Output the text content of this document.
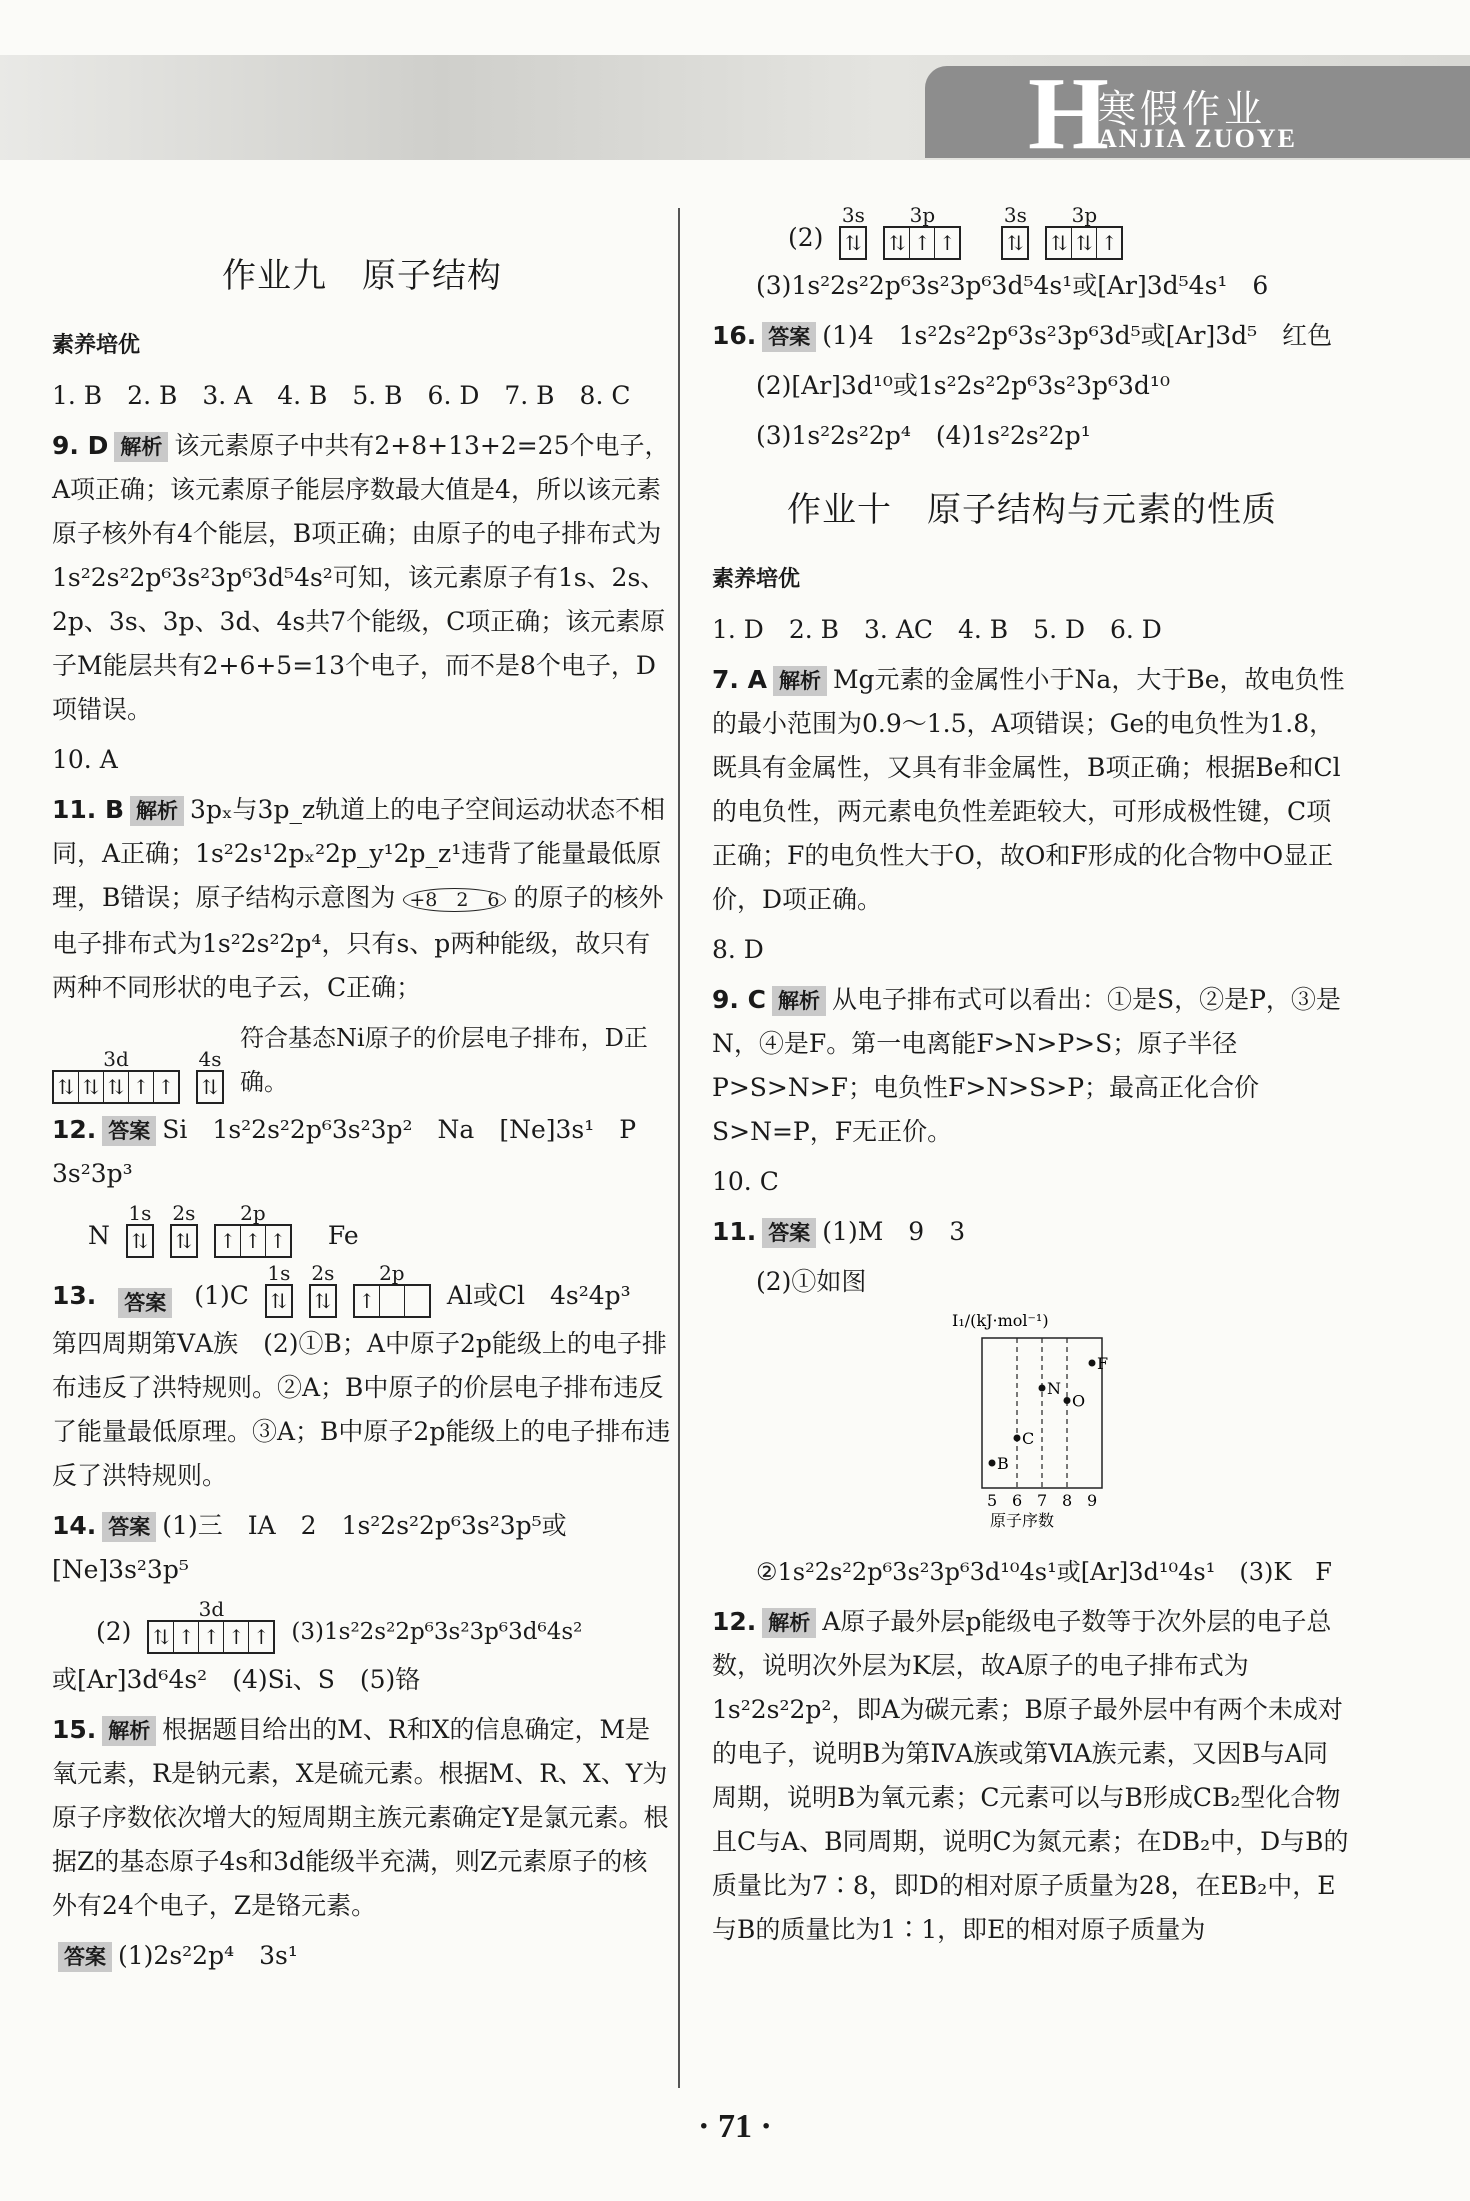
H
寒假作业
ANJIA ZUOYE
作业九　原子结构
素养培优

1. B　2. B　3. A　4. B　5. B　6. D　7. B　8. C

9. D 解析 该元素原子中共有2+8+13+2=25个电子，A项正确；该元素原子能层序数最大值是4，所以该元素原子核外有4个能层，B项正确；由原子的电子排布式为1s²2s²2p⁶3s²3p⁶3d⁵4s²可知，该元素原子有1s、2s、2p、3s、3p、3d、4s共7个能级，C项正确；该元素原子M能层共有2+6+5=13个电子，而不是8个电子，D项错误。

10. A

11. B 解析 3pₓ与3p_z轨道上的电子空间运动状态不相同，A正确；1s²2s¹2pₓ²2p_y¹2p_z¹违背了能量最低原理，B错误；原子结构示意图为 +8　2　6 的原子的核外电子排布式为1s²2s²2p⁴，只有s、p两种能级，故只有两种不同形状的电子云，C正确；

3d
⇅ ⇅ ⇅ ↑ ↑
4s
⇅
符合基态Ni原子的价层电子排布，D正确。

12. 答案 Si　1s²2s²2p⁶3s²3p²　Na　[Ne]3s¹　P　3s²3p³

N
1s
⇅
2s
⇅
2p
↑ ↑ ↑ Fe
13. 答案 (1)C
1s
⇅
2s
⇅
2p
↑	Al或Cl　4s²4p³

第四周期第ⅤA族　(2)①B；A中原子2p能级上的电子排布违反了洪特规则。②A；B中原子的价层电子排布违反了能量最低原理。③A；B中原子2p能级上的电子排布违反了洪特规则。

14. 答案 (1)三　ⅠA　2　1s²2s²2p⁶3s²3p⁵或[Ne]3s²3p⁵

(2)
3d
⇅ ↑ ↑ ↑ ↑ (3)1s²2s²2p⁶3s²3p⁶3d⁶4s²

或[Ar]3d⁶4s²　(4)Si、S　(5)铬

15. 解析 根据题目给出的M、R和X的信息确定，M是氧元素，R是钠元素，X是硫元素。根据M、R、X、Y为原子序数依次增大的短周期主族元素确定Y是氯元素。根据Z的基态原子4s和3d能级半充满，则Z元素原子的核外有24个电子，Z是铬元素。

答案 (1)2s²2p⁴　3s¹

(2)
3s
⇅
3p
⇅ ↑ ↑
3s
⇅
3p
⇅ ⇅ ↑

(3)1s²2s²2p⁶3s²3p⁶3d⁵4s¹或[Ar]3d⁵4s¹　6

16. 答案 (1)4　1s²2s²2p⁶3s²3p⁶3d⁵或[Ar]3d⁵　红色

(2)[Ar]3d¹⁰或1s²2s²2p⁶3s²3p⁶3d¹⁰

(3)1s²2s²2p⁴　(4)1s²2s²2p¹

作业十　原子结构与元素的性质
素养培优

1. D　2. B　3. AC　4. B　5. D　6. D

7. A 解析 Mg元素的金属性小于Na，大于Be，故电负性的最小范围为0.9～1.5，A项错误；Ge的电负性为1.8，既具有金属性，又具有非金属性，B项正确；根据Be和Cl的电负性，两元素电负性差距较大，可形成极性键，C项正确；F的电负性大于O，故O和F形成的化合物中O显正价，D项正确。

8. D

9. C 解析 从电子排布式可以看出：①是S，②是P，③是N，④是F。第一电离能F>N>P>S；原子半径P>S>N>F；电负性F>N>S>P；最高正化合价S>N=P，F无正价。

10. C

11. 答案 (1)M　9　3

(2)①如图

I₁/(kJ·mol⁻¹)
5 6 7 8 9
原子序数
B
C
N
O
F

②1s²2s²2p⁶3s²3p⁶3d¹⁰4s¹或[Ar]3d¹⁰4s¹　(3)K　F

12. 解析 A原子最外层p能级电子数等于次外层的电子总数，说明次外层为K层，故A原子的电子排布式为1s²2s²2p²，即A为碳元素；B原子最外层中有两个未成对的电子，说明B为第ⅣA族或第ⅥA族元素，又因B与A同周期，说明B为氧元素；C元素可以与B形成CB₂型化合物且C与A、B同周期，说明C为氮元素；在DB₂中，D与B的质量比为7∶8，即D的相对原子质量为28，在EB₂中，E与B的质量比为1∶1，即E的相对原子质量为

· 71 ·
